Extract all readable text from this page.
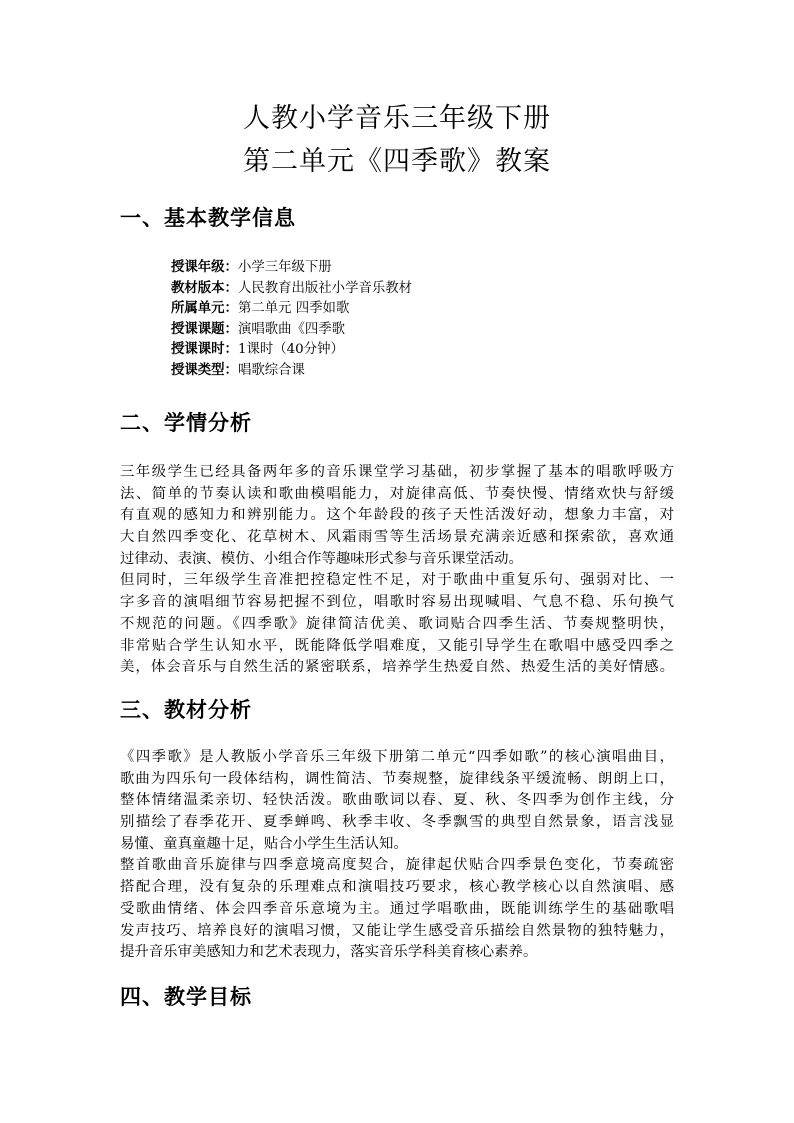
人教小学音乐三年级下册
第二单元《四季歌》教案
一、基本教学信息
授课年级：小学三年级下册
教材版本：人民教育出版社小学音乐教材
所属单元：第二单元 四季如歌
授课课题：演唱歌曲《四季歌
授课课时：1课时（40分钟）
授课类型：唱歌综合课
二、学情分析
三年级学生已经具备两年多的音乐课堂学习基础，初步掌握了基本的唱歌呼吸方
法、简单的节奏认读和歌曲模唱能力，对旋律高低、节奏快慢、情绪欢快与舒缓
有直观的感知力和辨别能力。这个年龄段的孩子天性活泼好动，想象力丰富，对
大自然四季变化、花草树木、风霜雨雪等生活场景充满亲近感和探索欲，喜欢通
过律动、表演、模仿、小组合作等趣味形式参与音乐课堂活动。
但同时，三年级学生音准把控稳定性不足，对于歌曲中重复乐句、强弱对比、一
字多音的演唱细节容易把握不到位，唱歌时容易出现喊唱、气息不稳、乐句换气
不规范的问题。《四季歌》旋律简洁优美、歌词贴合四季生活、节奏规整明快，
非常贴合学生认知水平，既能降低学唱难度，又能引导学生在歌唱中感受四季之
美，体会音乐与自然生活的紧密联系，培养学生热爱自然、热爱生活的美好情感。
三、教材分析
《四季歌》是人教版小学音乐三年级下册第二单元“四季如歌”的核心演唱曲目，
歌曲为四乐句一段体结构，调性简洁、节奏规整，旋律线条平缓流畅、朗朗上口，
整体情绪温柔亲切、轻快活泼。歌曲歌词以春、夏、秋、冬四季为创作主线，分
别描绘了春季花开、夏季蝉鸣、秋季丰收、冬季飘雪的典型自然景象，语言浅显
易懂、童真童趣十足，贴合小学生生活认知。
整首歌曲音乐旋律与四季意境高度契合，旋律起伏贴合四季景色变化，节奏疏密
搭配合理，没有复杂的乐理难点和演唱技巧要求，核心教学核心以自然演唱、感
受歌曲情绪、体会四季音乐意境为主。通过学唱歌曲，既能训练学生的基础歌唱
发声技巧、培养良好的演唱习惯，又能让学生感受音乐描绘自然景物的独特魅力，
提升音乐审美感知力和艺术表现力，落实音乐学科美育核心素养。
四、教学目标
